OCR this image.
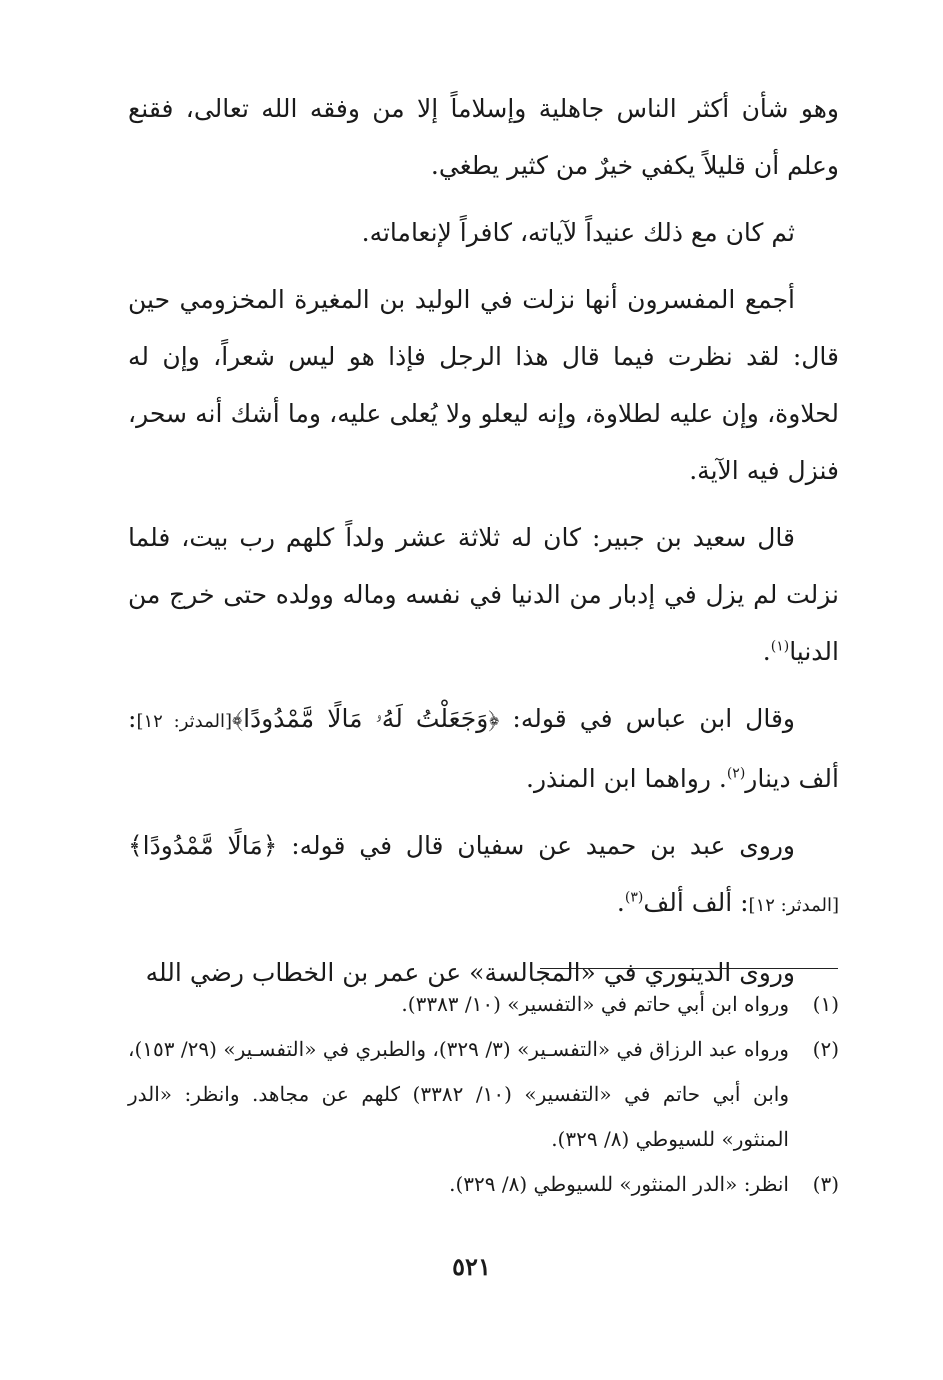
وهو شأن أكثر الناس جاهلية وإسلاماً إلا من وفقه الله تعالى، فقنع وعلم أن قليلاً يكفي خيرٌ من كثير يطغي.

ثم كان مع ذلك عنيداً لآياته، كافراً لإنعاماته.

أجمع المفسرون أنها نزلت في الوليد بن المغيرة المخزومي حين قال: لقد نظرت فيما قال هذا الرجل فإذا هو ليس شعراً، وإن له لحلاوة، وإن عليه لطلاوة، وإنه ليعلو ولا يُعلى عليه، وما أشك أنه سحر، فنزل فيه الآية.

قال سعيد بن جبير: كان له ثلاثة عشر ولداً كلهم رب بيت، فلما نزلت لم يزل في إدبار من الدنيا في نفسه وماله وولده حتى خرج من الدنيا$^{(١)}$.

وقال ابن عباس في قوله: ﴿وَجَعَلْتُ لَهُۥ مَالًا مَّمْدُودًا﴾[المدثر: ١٢]: ألف دينار$^{(٢)}$. رواهما ابن المنذر.

وروى عبد بن حميد عن سفيان قال في قوله: ﴿مَالًا مَّمْدُودًا﴾[المدثر: ١٢]: ألف ألف$^{(٣)}$.

وروى الدينوري في «المجالسة» عن عمر بن الخطاب رضي الله

(١)
ورواه ابن أبي حاتم في «التفسير» (١٠/ ٣٣٨٣).
(٢)
ورواه عبد الرزاق في «التفسـير» (٣/ ٣٢٩)، والطبري في «التفسـير» (٢٩/ ١٥٣)، وابن أبي حاتم في «التفسير» (١٠/ ٣٣٨٢) كلهم عن مجاهد. وانظر: «الدر المنثور» للسيوطي (٨/ ٣٢٩).
(٣)
انظر: «الدر المنثور» للسيوطي (٨/ ٣٢٩).
٥٢١
